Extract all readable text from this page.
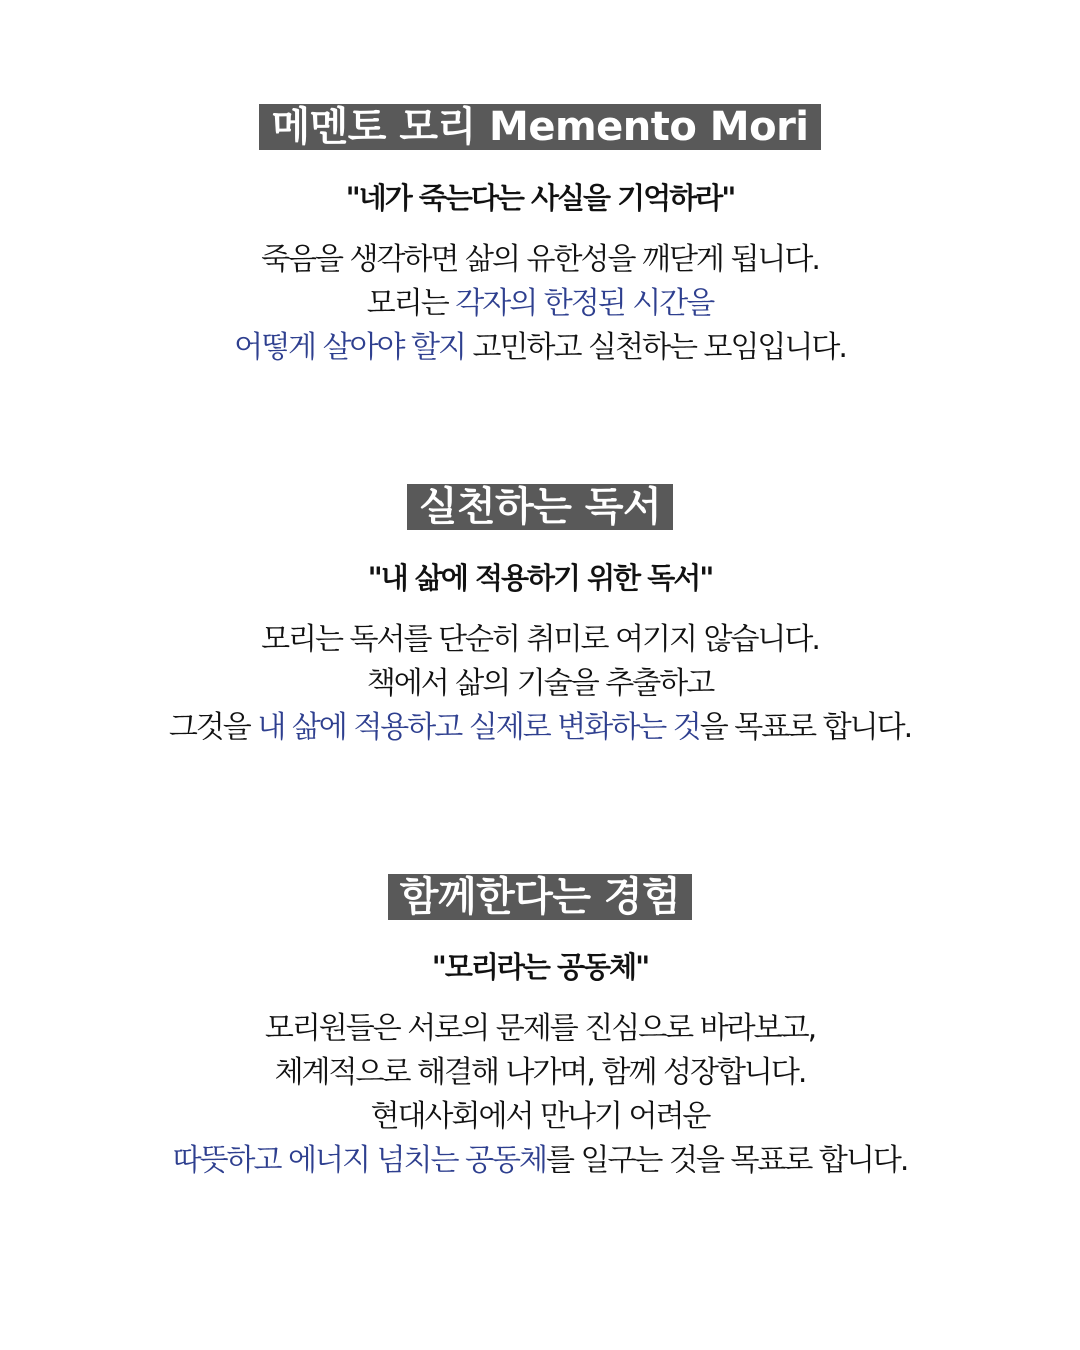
메멘토 모리 Memento Mori

"네가 죽는다는 사실을 기억하라"

죽음을 생각하면 삶의 유한성을 깨닫게 됩니다.
모리는 각자의 한정된 시간을
어떻게 살아야 할지 고민하고 실천하는 모임입니다.
실천하는 독서

"내 삶에 적용하기 위한 독서"

모리는 독서를 단순히 취미로 여기지 않습니다.
책에서 삶의 기술을 추출하고
그것을 내 삶에 적용하고 실제로 변화하는 것을 목표로 합니다.
함께한다는 경험

"모리라는 공동체"

모리원들은 서로의 문제를 진심으로 바라보고,
체계적으로 해결해 나가며, 함께 성장합니다.
현대사회에서 만나기 어려운
따뜻하고 에너지 넘치는 공동체를 일구는 것을 목표로 합니다.
